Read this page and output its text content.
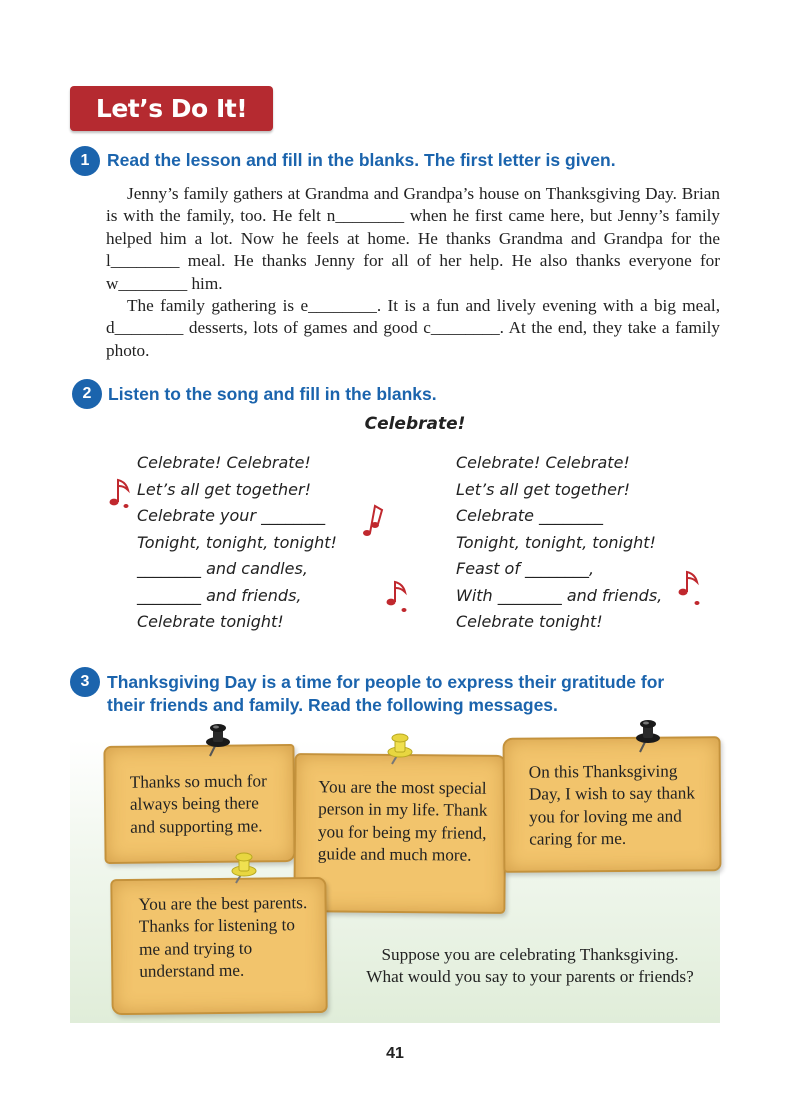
Let’s Do It!
1	Read the lesson and fill in the blanks. The first letter is given.

Jenny’s family gathers at Grandma and Grandpa’s house on Thanksgiving Day. Brian is with the family, too. He felt n________ when he first came here, but Jenny’s family helped him a lot. Now he feels at home. He thanks Grandma and Grandpa for the l________ meal. He thanks Jenny for all of her help. He also thanks everyone for w________ him.

The family gathering is e________. It is a fun and lively evening with a big meal, d________ desserts, lots of games and good c________. At the end, they take a family photo.

2 Listen to the song and fill in the blanks.
Celebrate!
Celebrate! Celebrate!
Let’s all get together!
Celebrate your ________
Tonight, tonight, tonight!
________ and candles,
________ and friends,
Celebrate tonight!
Celebrate! Celebrate!
Let’s all get together!
Celebrate ________
Tonight, tonight, tonight!
Feast of ________,
With ________ and friends,
Celebrate tonight!
3	Thanksgiving Day is a time for people to express their gratitude for
their friends and family. Read the following messages.

Thanks so much for always being there and supporting me.

You are the most special person in my life. Thank you for being my friend, guide and much more.

On this Thanksgiving Day, I wish to say thank you for loving me and caring for me.

You are the best parents. Thanks for listening to me and trying to understand me.

Suppose you are celebrating Thanksgiving.
What would you say to your parents or friends?
41
